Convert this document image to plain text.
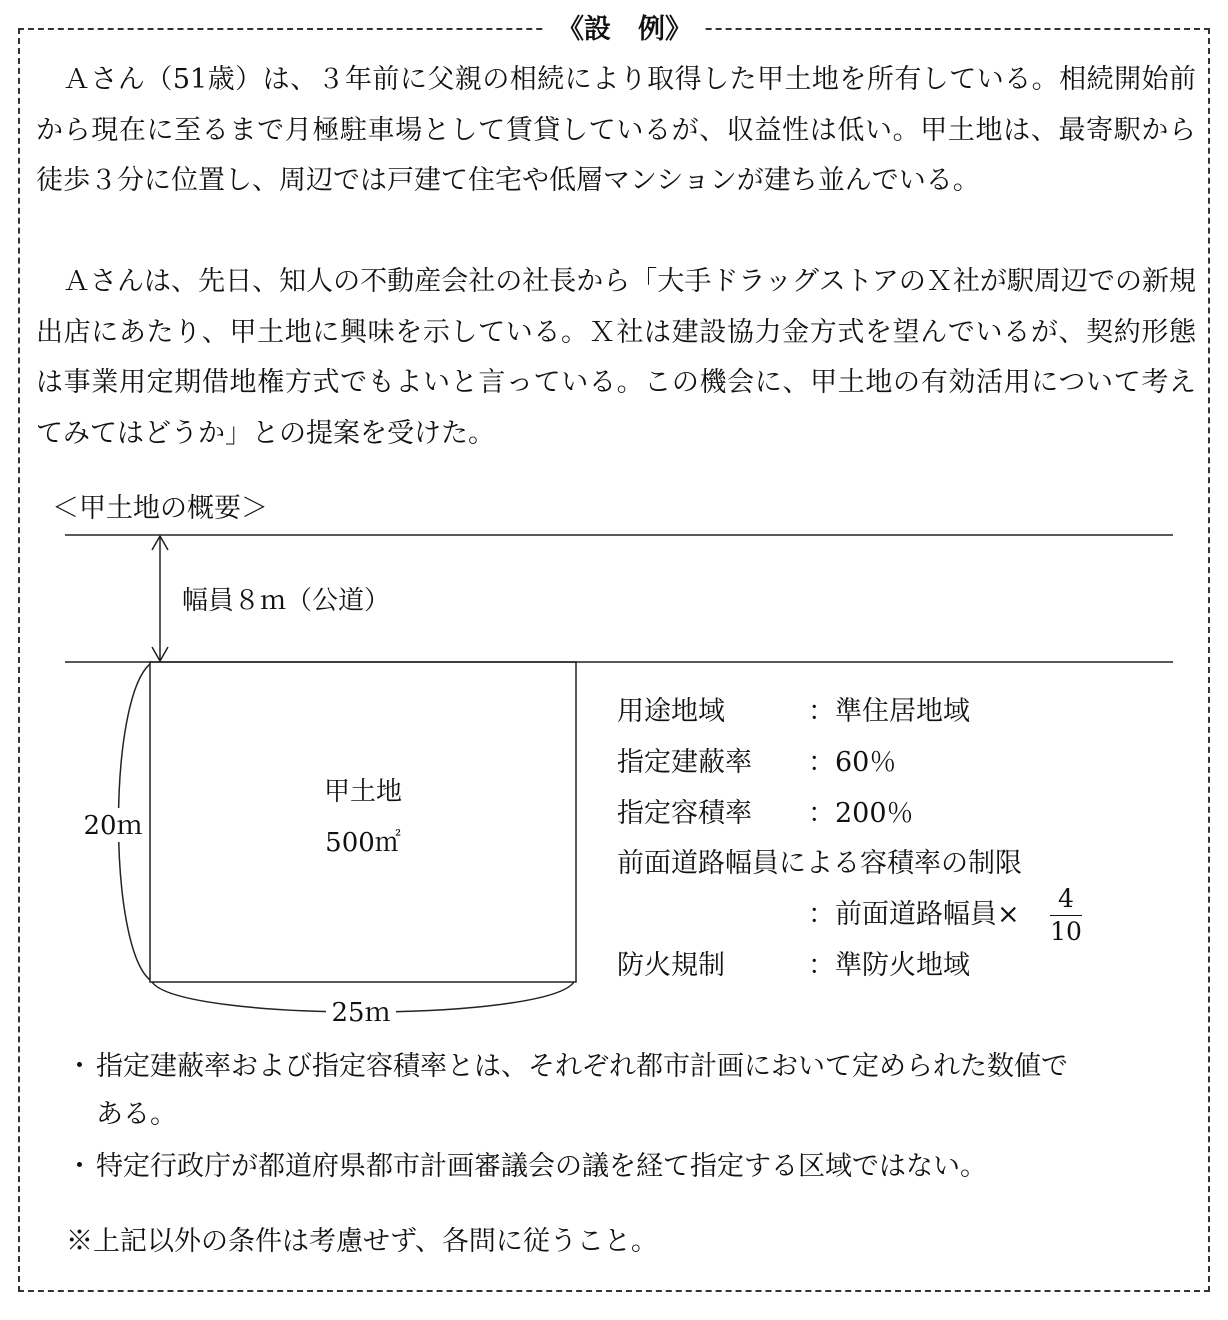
《設　例》

Ａさん（51歳）は、３年前に父親の相続により取得した甲土地を所有している。相続開始前から現在に至るまで月極駐車場として賃貸しているが、収益性は低い。甲土地は、最寄駅から徒歩３分に位置し、周辺では戸建て住宅や低層マンションが建ち並んでいる。

Ａさんは、先日、知人の不動産会社の社長から「大手ドラッグストアのＸ社が駅周辺での新規出店にあたり、甲土地に興味を示している。Ｘ社は建設協力金方式を望んでいるが、契約形態は事業用定期借地権方式でもよいと言っている。この機会に、甲土地の有効活用について考えてみてはどうか」との提案を受けた。

＜甲土地の概要＞
幅員８ｍ（公道）
甲土地
500㎡
20ｍ
25ｍ
用途地域	：準住居地域
指定建蔽率 ：60％
指定容積率 ：200％
前面道路幅員による容積率の制限
：前面道路幅員×
4
10
防火規制	：準防火地域

・ 指定建蔽率および指定容積率とは、それぞれ都市計画において定められた数値で
ある。

・ 特定行政庁が都道府県都市計画審議会の議を経て指定する区域ではない。

※上記以外の条件は考慮せず、各問に従うこと。
